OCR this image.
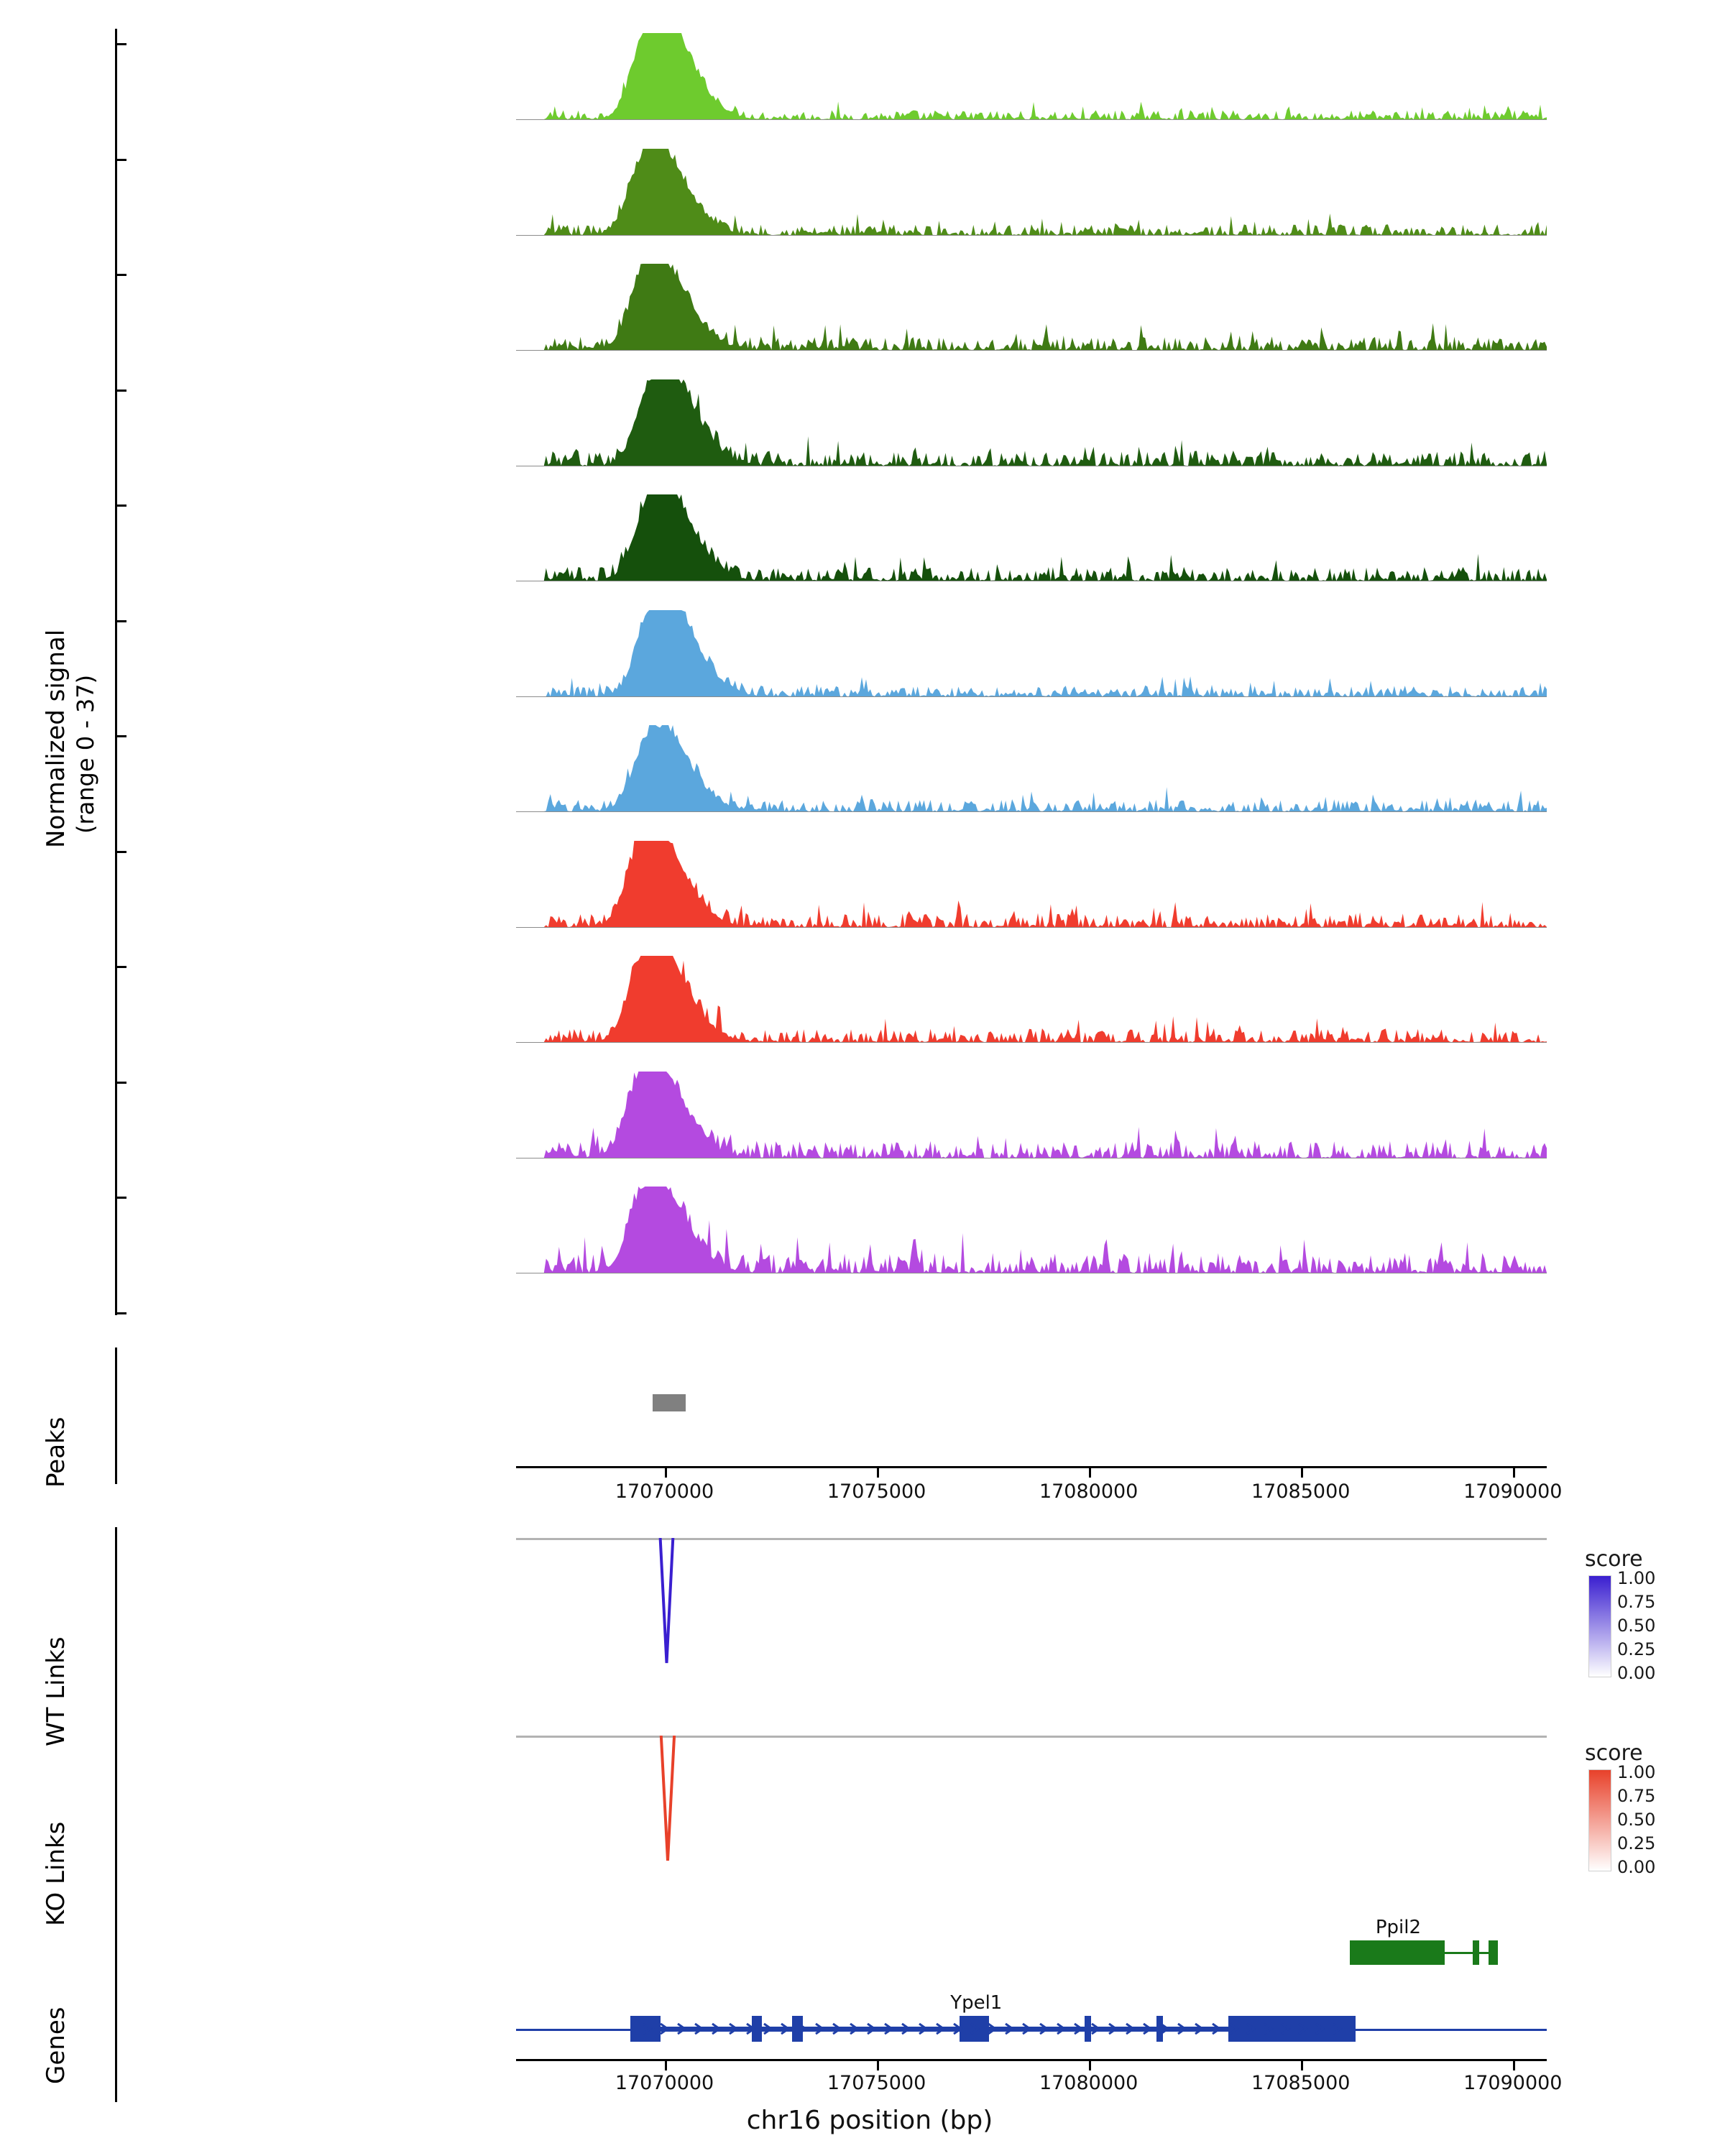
Normalized signal (range 0 - 37)
Peaks
WT Links
KO Links
Genes
17070000	17075000	17080000	17085000	17090000
Ypel1
Ppil2
17070000	17075000	17080000	17085000	17090000
chr16 position (bp)
score
1.00
0.75
0.50
0.25
0.00
score
1.00
0.75
0.50
0.25
0.00
